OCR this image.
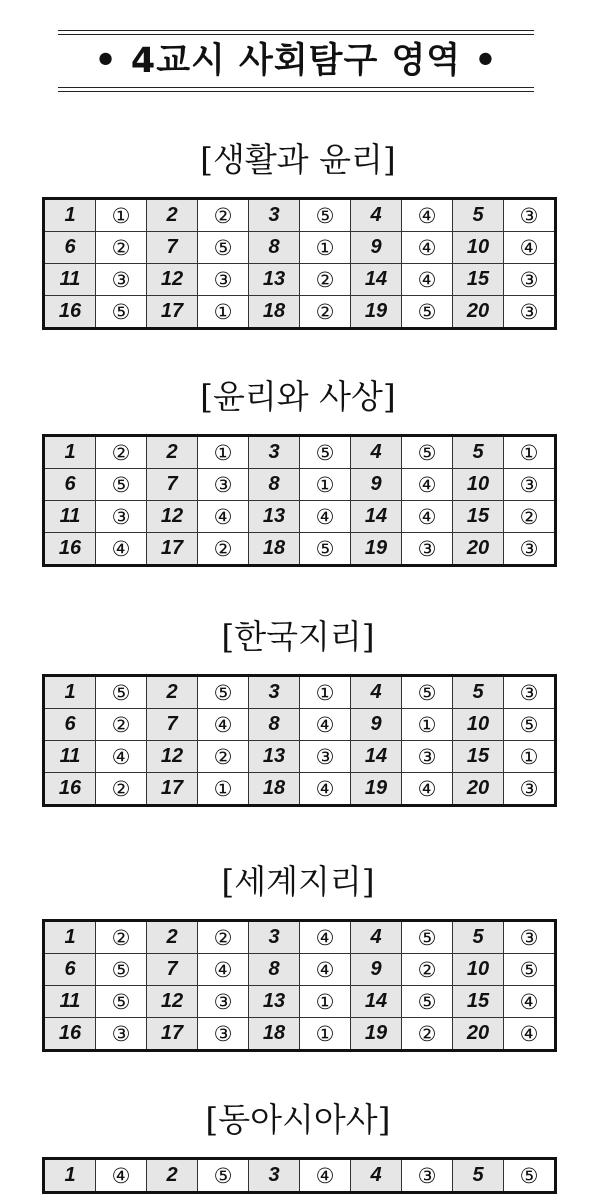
• 4교시 사회탐구 영역 •
[생활과 윤리]
1	①	2	②	3	⑤	4	④	5	③
6	②	7	⑤	8	①	9	④	10	④
11	③	12	③	13	②	14	④	15	③
16	⑤	17	①	18	②	19	⑤	20	③
[윤리와 사상]
1	②	2	①	3	⑤	4	⑤	5	①
6	⑤	7	③	8	①	9	④	10	③
11	③	12	④	13	④	14	④	15	②
16	④	17	②	18	⑤	19	③	20	③
[한국지리]
1	⑤	2	⑤	3	①	4	⑤	5	③
6	②	7	④	8	④	9	①	10	⑤
11	④	12	②	13	③	14	③	15	①
16	②	17	①	18	④	19	④	20	③
[세계지리]
1	②	2	②	3	④	4	⑤	5	③
6	⑤	7	④	8	④	9	②	10	⑤
11	⑤	12	③	13	①	14	⑤	15	④
16	③	17	③	18	①	19	②	20	④
[동아시아사]
1	④	2	⑤	3	④	4	③	5	⑤
